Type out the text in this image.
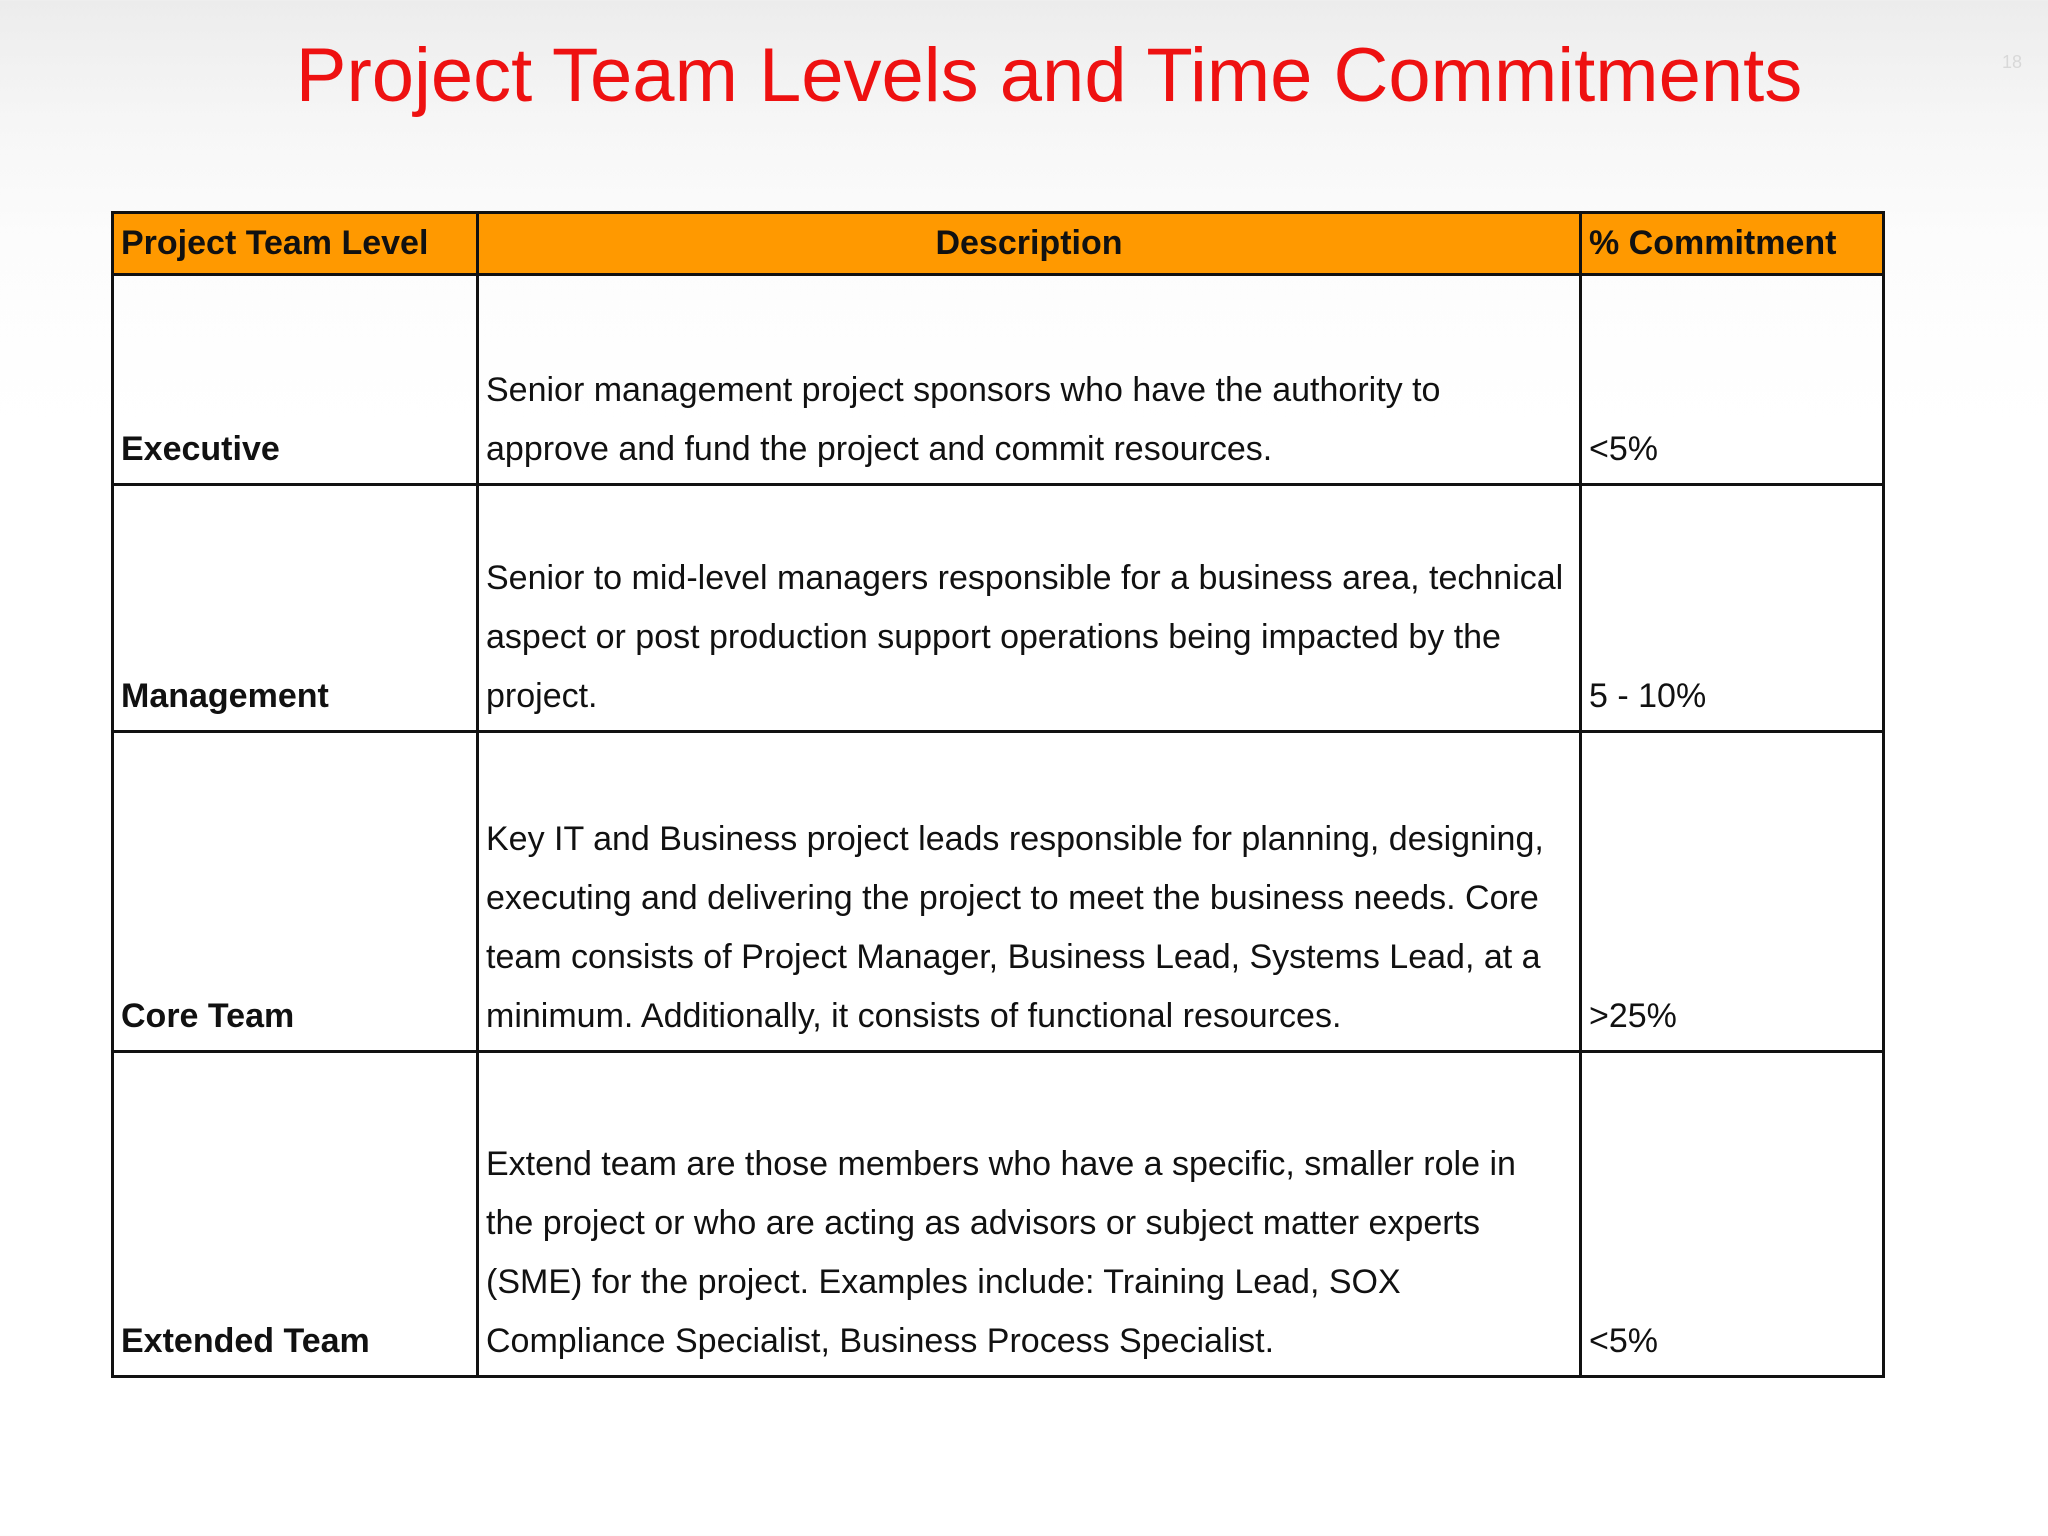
Project Team Levels and Time Commitments	18
Project Team Level	Description	% Commitment
Executive	Senior management project sponsors who have the authority to approve and fund the project and commit resources.	<5%
Management	Senior to mid-level managers responsible for a business area, technical aspect or post production support operations being impacted by the project.	5 - 10%
Core Team	Key IT and Business project leads responsible for planning, designing, executing and delivering the project to meet the business needs. Core team consists of Project Manager, Business Lead, Systems Lead, at a minimum. Additionally, it consists of functional resources.	>25%
Extended Team	Extend team are those members who have a specific, smaller role in the project or who are acting as advisors or subject matter experts (SME) for the project. Examples include: Training Lead, SOX Compliance Specialist, Business Process Specialist.	<5%
